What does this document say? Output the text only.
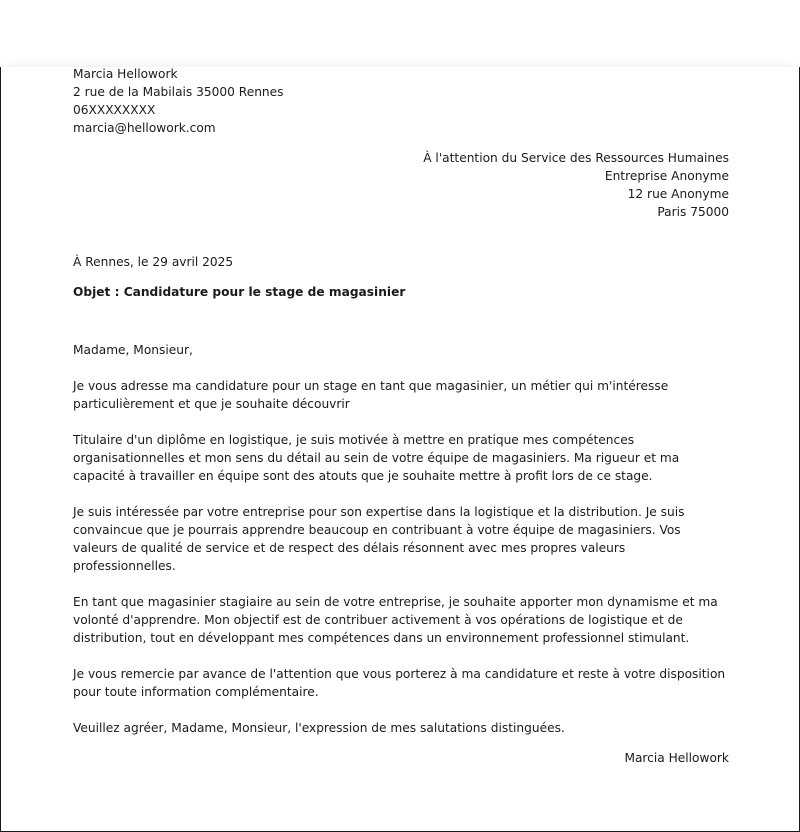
Marcia Hellowork
2 rue de la Mabilais 35000 Rennes
06XXXXXXXX
marcia@hellowork.com
À l'attention du Service des Ressources Humaines
Entreprise Anonyme
12 rue Anonyme
Paris 75000
À Rennes, le 29 avril 2025
Objet : Candidature pour le stage de magasinier

Madame, Monsieur,

Je vous adresse ma candidature pour un stage en tant que magasinier, un métier qui m'intéresse particulièrement et que je souhaite découvrir

Titulaire d'un diplôme en logistique, je suis motivée à mettre en pratique mes compétences organisationnelles et mon sens du détail au sein de votre équipe de magasiniers. Ma rigueur et ma capacité à travailler en équipe sont des atouts que je souhaite mettre à profit lors de ce stage.

Je suis intéressée par votre entreprise pour son expertise dans la logistique et la distribution. Je suis convaincue que je pourrais apprendre beaucoup en contribuant à votre équipe de magasiniers. Vos valeurs de qualité de service et de respect des délais résonnent avec mes propres valeurs professionnelles.

En tant que magasinier stagiaire au sein de votre entreprise, je souhaite apporter mon dynamisme et ma volonté d'apprendre. Mon objectif est de contribuer activement à vos opérations de logistique et de distribution, tout en développant mes compétences dans un environnement professionnel stimulant.

Je vous remercie par avance de l'attention que vous porterez à ma candidature et reste à votre disposition pour toute information complémentaire.

Veuillez agréer, Madame, Monsieur, l'expression de mes salutations distinguées.

Marcia Hellowork
